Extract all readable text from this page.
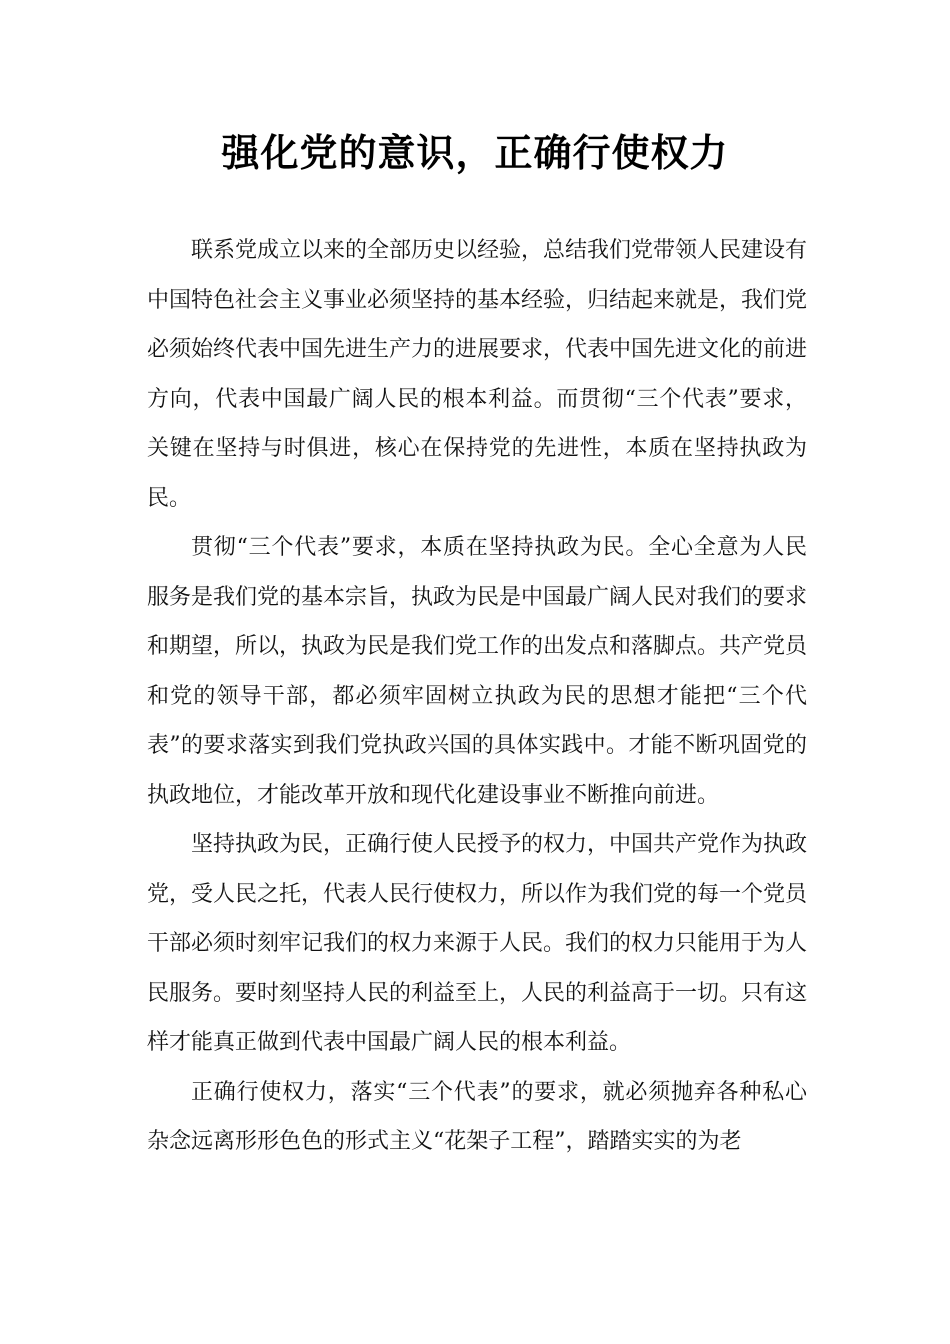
强化党的意识，正确行使权力

联系党成立以来的全部历史以经验，总结我们党带领人民建设有中国特色社会主义事业必须坚持的基本经验，归结起来就是，我们党必须始终代表中国先进生产力的进展要求，代表中国先进文化的前进方向，代表中国最广阔人民的根本利益。而贯彻“三个代表”要求，关键在坚持与时俱进，核心在保持党的先进性，本质在坚持执政为民。

贯彻“三个代表”要求，本质在坚持执政为民。全心全意为人民服务是我们党的基本宗旨，执政为民是中国最广阔人民对我们的要求和期望，所以，执政为民是我们党工作的出发点和落脚点。共产党员和党的领导干部，都必须牢固树立执政为民的思想才能把“三个代表”的要求落实到我们党执政兴国的具体实践中。才能不断巩固党的执政地位，才能改革开放和现代化建设事业不断推向前进。

坚持执政为民，正确行使人民授予的权力，中国共产党作为执政党，受人民之托，代表人民行使权力，所以作为我们党的每一个党员干部必须时刻牢记我们的权力来源于人民。我们的权力只能用于为人民服务。要时刻坚持人民的利益至上，人民的利益高于一切。只有这样才能真正做到代表中国最广阔人民的根本利益。

正确行使权力，落实“三个代表”的要求，就必须抛弃各种私心杂念远离形形色色的形式主义“花架子工程”，踏踏实实的为老
